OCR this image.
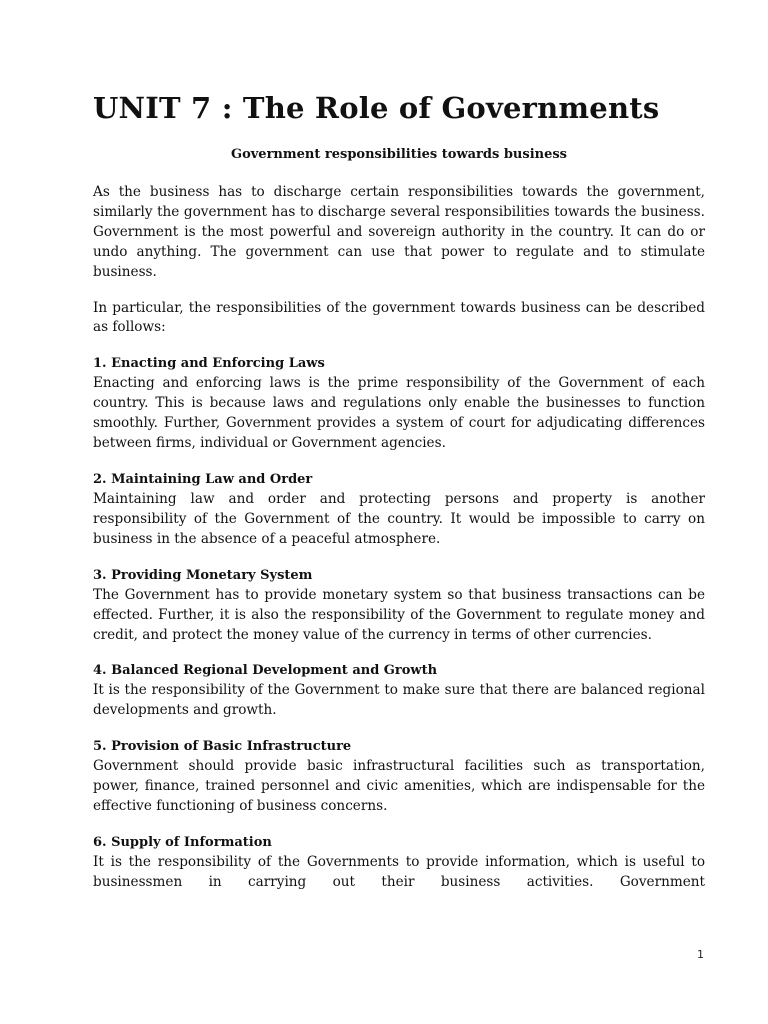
UNIT 7 : The Role of Governments
Government responsibilities towards business

As the business has to discharge certain responsibilities towards the government, similarly the government has to discharge several responsibilities towards the business. Government is the most powerful and sovereign authority in the country. It can do or undo anything. The government can use that power to regulate and to stimulate business.

In particular, the responsibilities of the government towards business can be described as follows:

1. Enacting and Enforcing Laws

Enacting and enforcing laws is the prime responsibility of the Government of each country. This is because laws and regulations only enable the businesses to function smoothly. Further, Government provides a system of court for adjudicating differences between firms, individual or Government agencies.

2. Maintaining Law and Order

Maintaining law and order and protecting persons and property is another responsibility of the Government of the country. It would be impossible to carry on business in the absence of a peaceful atmosphere.

3. Providing Monetary System

The Government has to provide monetary system so that business transactions can be effected. Further, it is also the responsibility of the Government to regulate money and credit, and protect the money value of the currency in terms of other currencies.

4. Balanced Regional Development and Growth

It is the responsibility of the Government to make sure that there are balanced regional developments and growth.

5. Provision of Basic Infrastructure

Government should provide basic infrastructural facilities such as transportation, power, finance, trained personnel and civic amenities, which are indispensable for the effective functioning of business concerns.

6. Supply of Information

It is the responsibility of the Governments to provide information, which is useful to businessmen in carrying out their business activities. Government

1
